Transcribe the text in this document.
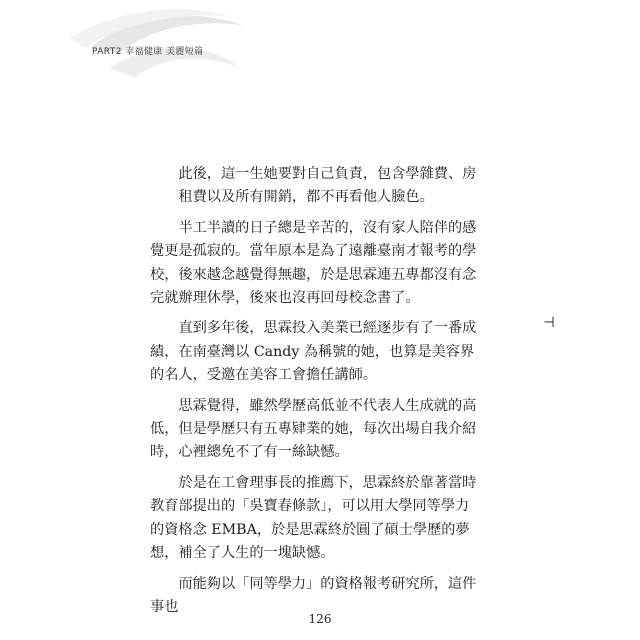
PART2 幸福健康 美麗短篇

此後，這一生她要對自己負責，包含學雜費、房租費以及所有開銷，都不再看他人臉色。

半工半讀的日子總是辛苦的，沒有家人陪伴的感覺更是孤寂的。當年原本是為了遠離臺南才報考的學校，後來越念越覺得無趣，於是思霖連五專都沒有念完就辦理休學，後來也沒再回母校念書了。

直到多年後，思霖投入美業已經逐步有了一番成績，在南臺灣以 Candy 為稱號的她，也算是美容界的名人，受邀在美容工會擔任講師。

思霖覺得，雖然學歷高低並不代表人生成就的高低，但是學歷只有五專肄業的她，每次出場自我介紹時，心裡總免不了有一絲缺憾。

於是在工會理事長的推薦下，思霖終於靠著當時教育部提出的「吳寶春條款」，可以用大學同等學力的資格念 EMBA，於是思霖終於圓了碩士學歷的夢想，補全了人生的一塊缺憾。

而能夠以「同等學力」的資格報考研究所，這件事也

⊣
126
